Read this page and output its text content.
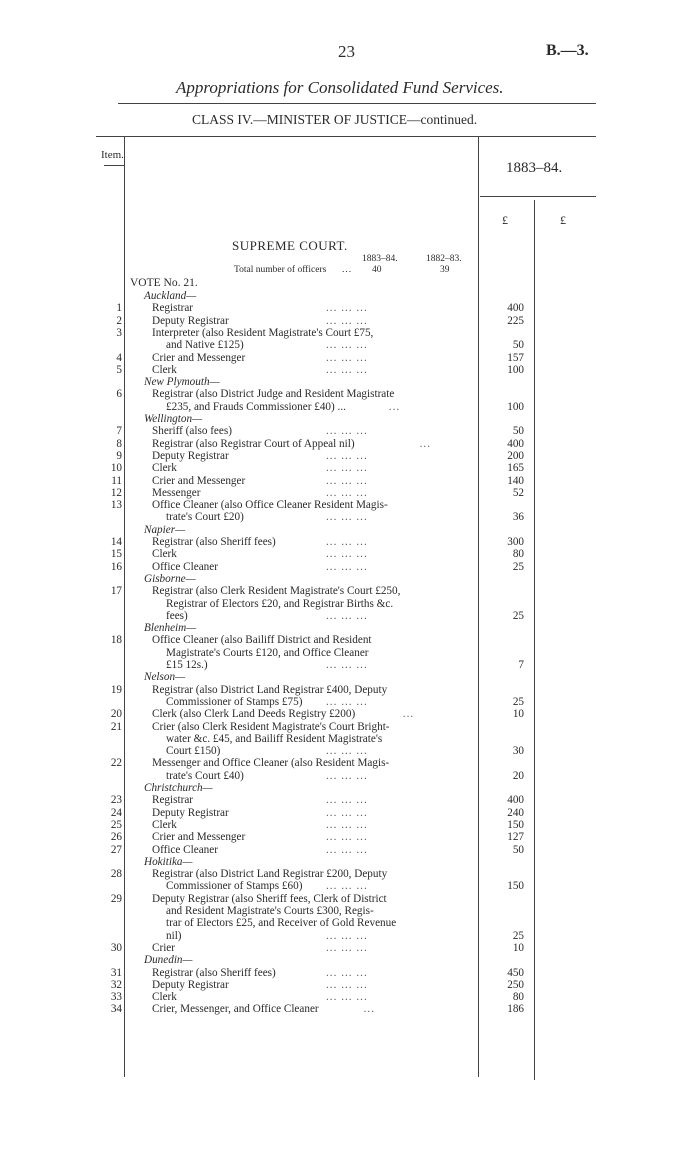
23	B.—3.
Appropriations for Consolidated Fund Services.
CLASS IV.—MINISTER OF JUSTICE—continued.
Item.
1883–84.
£	£
SUPREME COURT.
1883–84.	1882–83.
Total number of officers ... 40	39
VOTE No. 21.
Auckland—
1	Registrar	... ... ...	400
2	Deputy Registrar	... ... ...	225
3	Interpreter (also Resident Magistrate's Court £75,
and Native £125)	... ... ...	50
4	Crier and Messenger	... ... ...	157
5	Clerk	... ... ...	100
New Plymouth—
6	Registrar (also District Judge and Resident Magistrate
£235, and Frauds Commissioner £40) ...	...	100
Wellington—
7	Sheriff (also fees)	... ... ...	50
8	Registrar (also Registrar Court of Appeal nil)	...	400
9	Deputy Registrar	... ... ...	200
10	Clerk	... ... ...	165
11	Crier and Messenger	... ... ...	140
12	Messenger	... ... ...	52
13	Office Cleaner (also Office Cleaner Resident Magis-
trate's Court £20)	... ... ...	36
Napier—
14	Registrar (also Sheriff fees)	... ... ...	300
15	Clerk	... ... ...	80
16	Office Cleaner	... ... ...	25
Gisborne—
17	Registrar (also Clerk Resident Magistrate's Court £250,
Registrar of Electors £20, and Registrar Births &c.
fees)	... ... ...	25
Blenheim—
18	Office Cleaner (also Bailiff District and Resident
Magistrate's Courts £120, and Office Cleaner
£15 12s.)	... ... ...	7
Nelson—
19	Registrar (also District Land Registrar £400, Deputy
Commissioner of Stamps £75) ... ... ...	25
20	Clerk (also Clerk Land Deeds Registry £200)	...	10
21	Crier (also Clerk Resident Magistrate's Court Bright-
water &c. £45, and Bailiff Resident Magistrate's
Court £150)	... ... ...	30
22	Messenger and Office Cleaner (also Resident Magis-
trate's Court £40)	... ... ...	20
Christchurch—
23	Registrar	... ... ...	400
24	Deputy Registrar	... ... ...	240
25	Clerk	... ... ...	150
26	Crier and Messenger	... ... ...	127
27	Office Cleaner	... ... ...	50
Hokitika—
28	Registrar (also District Land Registrar £200, Deputy
Commissioner of Stamps £60) ... ... ...	150
29	Deputy Registrar (also Sheriff fees, Clerk of District
and Resident Magistrate's Courts £300, Regis-
trar of Electors £25, and Receiver of Gold Revenue
nil)	... ... ...	25
30	Crier	... ... ...	10
Dunedin—
31	Registrar (also Sheriff fees)	... ... ...	450
32	Deputy Registrar	... ... ...	250
33	Clerk	... ... ...	80
34	Crier, Messenger, and Office Cleaner	...	186
